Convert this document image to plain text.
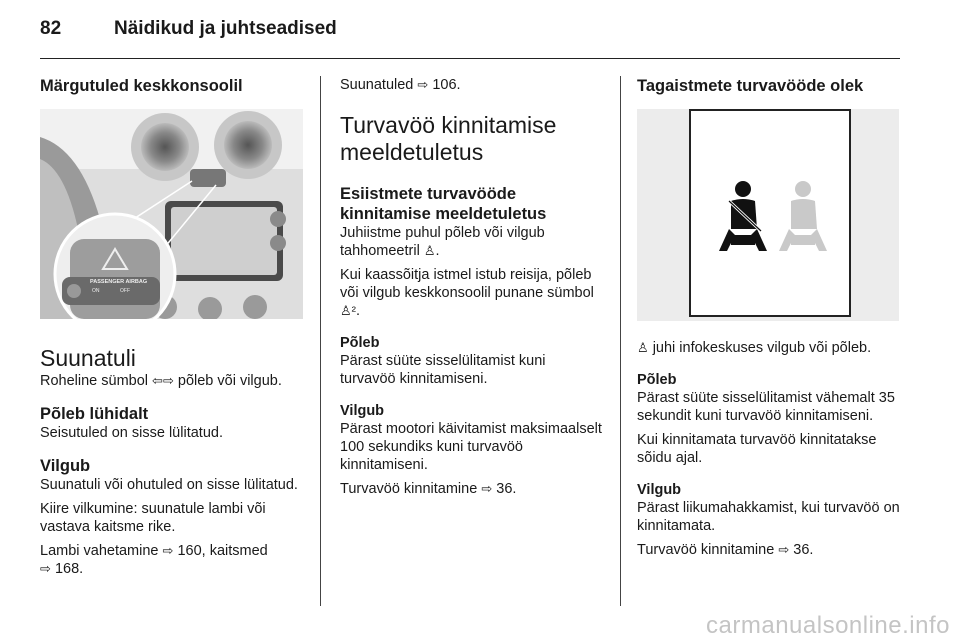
82	Näidikud ja juhtseadised
Märgutuled keskkonsoolil
PASSENGER AIRBAG
ON	OFF
Suunatuli

Roheline sümbol ⇦⇨ põleb või vilgub.

Põleb lühidalt

Seisutuled on sisse lülitatud.

Vilgub

Suunatuli või ohutuled on sisse lülitatud.

Kiire vilkumine: suunatule lambi või vastava kaitsme rike.

Lambi vahetamine ⇨ 160, kaitsmed
⇨ 168.

Suunatuled ⇨ 106.

Turvavöö kinnitamise meeldetuletus
Esiistmete turvavööde kinnitamise meeldetuletus

Juhiistme puhul põleb või vilgub tahhomeetril ♙.

Kui kaassõitja istmel istub reisija, põleb või vilgub keskkonsoolil punane sümbol ♙².

Põleb

Pärast süüte sisselülitamist kuni turvavöö kinnitamiseni.

Vilgub

Pärast mootori käivitamist maksimaalselt 100 sekundiks kuni turvavöö kinnitamiseni.

Turvavöö kinnitamine ⇨ 36.

Tagaistmete turvavööde olek

♙ juhi infokeskuses vilgub või põleb.

Põleb

Pärast süüte sisselülitamist vähemalt 35 sekundit kuni turvavöö kinnitamiseni.

Kui kinnitamata turvavöö kinnitatakse sõidu ajal.

Vilgub

Pärast liikumahakkamist, kui turvavöö on kinnitamata.

Turvavöö kinnitamine ⇨ 36.

carmanualsonline.info
